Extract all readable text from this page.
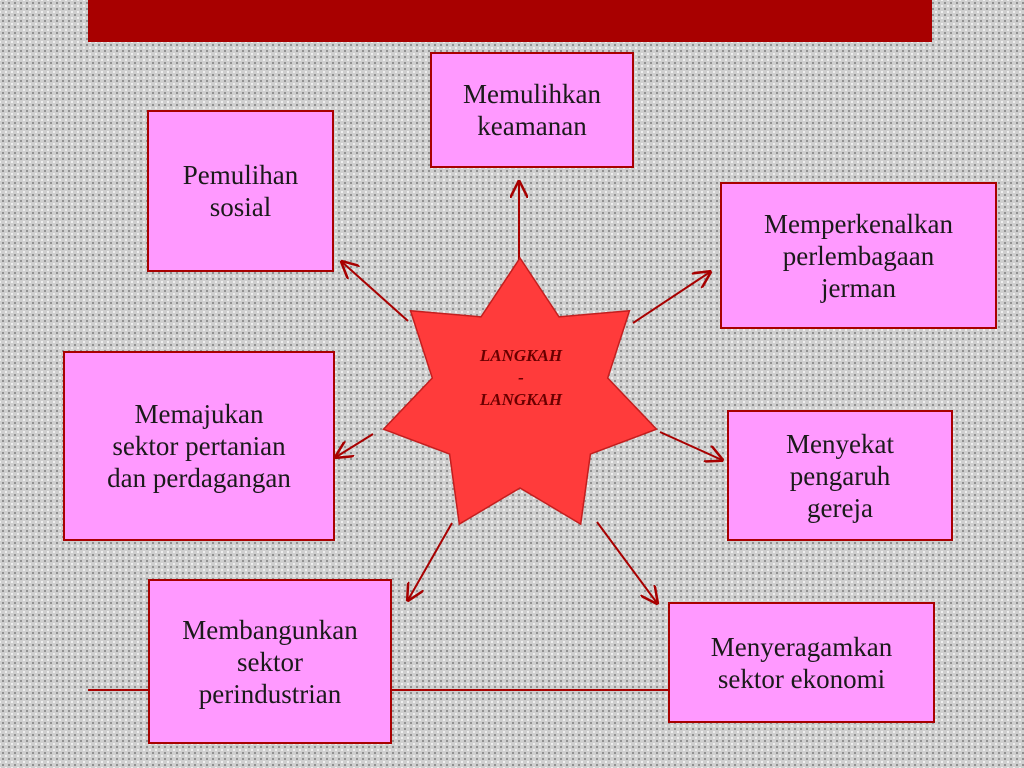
LANGKAH
-
LANGKAH
Memulihkan
keamanan
Pemulihan
sosial
Memperkenalkan
perlembagaan
jerman
Memajukan
sektor pertanian
dan perdagangan
Menyekat
pengaruh
gereja
Membangunkan
sektor
perindustrian
Menyeragamkan
sektor ekonomi
